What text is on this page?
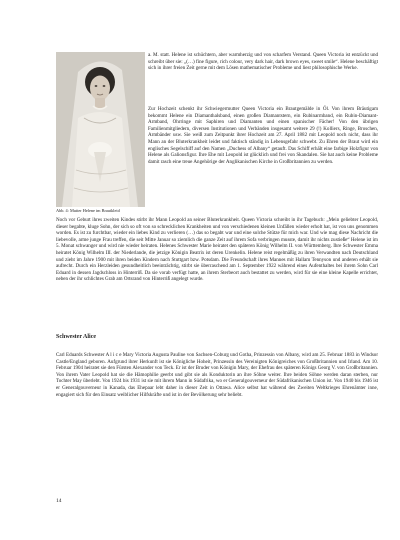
Abb. 4: Mutter Helene im Brautkleid

a. M. statt. Helene ist schüchtern, aber warmherzig und von scharfem Verstand. Queen Victoria ist entzückt und schreibt über sie: „(…) fine figure, rich colour, very dark hair, dark brown eyes, sweet smile“. Helene beschäftigt sich in ihrer freien Zeit gerne mit dem Lösen mathematischer Probleme und liest philosophische Werke.

Zur Hochzeit schenkt ihr Schwiegermutter Queen Victoria ein Brautgemälde in Öl. Von ihrem Bräutigam bekommt Helene ein Diamanthalsband, einen großen Diamantstern, ein Rubinarmband, ein Rubin-Diamant-Armband, Ohrringe mit Saphiren und Diamanten und einen spanischer Fächer! Von den übrigen Familienmitgliedern, diversen Institutionen und Verbänden insgesamt weitere 29 (!) Kolliers, Ringe, Broschen, Armbänder usw. Sie weiß zum Zeitpunkt ihrer Hochzeit am 27. April 1882 mit Leopold noch nicht, dass ihr Mann an der Bluterkrankheit leidet und faktisch ständig in Lebensgefahr schwebt. Zu Ehren der Braut wird ein englisches Segelschiff auf den Namen „Duchess of Albany“ getauft. Das Schiff erhält eine farbige Holzfigur von Helene als Galionsfigur. Ihre Ehe mit Leopold ist glücklich und frei von Skandalen. Sie hat auch keine Probleme damit rasch eine treue Angehörige der Anglikanischen Kirche in Großbritannien zu werden.

Noch vor Geburt ihres zweiten Kindes stirbt ihr Mann Leopold an seiner Bluterkrankheit. Queen Victoria schreibt in ihr Tagebuch: „Mein geliebter Leopold, dieser begabte, kluge Sohn, der sich so oft von so schrecklichen Krankheiten und von verschiedenen kleinen Unfällen wieder erholt hat, ist von uns genommen worden. Es ist zu furchtbar, wieder ein liebes Kind zu verlieren (…) das so begabt war und eine solche Stütze für mich war. Und wie mag diese Nachricht die liebevolle, arme junge Frau treffen, die seit Mitte Januar so ziemlich die ganze Zeit auf ihrem Sofa verbringen musste, damit ihr nichts zustieße“ Helene ist im 5. Monat schwanger und wird nie wieder heiraten. Helenes Schwester Marie heiratet den späteren König Wilhelm II. von Württemberg. Ihre Schwester Emma heiratet König Wilhelm III. der Niederlande, die jetzige Königin Beatrix ist deren Urenkelin. Helene reist regelmäßig zu ihren Verwandten nach Deutschland und zieht im Jahre 1900 mit ihren beiden Kindern nach Stuttgart bzw. Potsdam. Die Freundschaft ihres Mannes mit Hallam Tennyson und anderen erhält sie aufrecht. Durch ein Herzleiden gesundheitlich beeinträchtig, stirbt sie überraschend am 1. September 1922 während eines Aufenthaltes bei ihrem Sohn Carl Eduard in dessen Jagdschloss in Hinterriß. Da sie vorab verfügt hatte, an ihrem Sterbeort auch bestattet zu werden, wird für sie eine kleine Kapelle errichtet, neben der ihr schlichtes Grab am Ortsrand von Hinterriß angelegt wurde.

Schwester Alice

Carl Eduards Schwester A l i c e Mary Victoria Augusta Pauline von Sachsen-Coburg und Gotha, Prinzessin von Albany, wird am 25. Februar 1883 in Windsor Castle/England geboren. Aufgrund ihrer Herkunft ist sie Königliche Hoheit, Prinzessin des Vereinigten Königreiches von Großbritannien und Irland. Am 10. Februar 1904 heiratet sie den Fürsten Alexander von Teck. Er ist der Bruder von Königin Mary, der Ehefrau des späteren Königs Georg V. von Großbritannien. Von ihrem Vater Leopold hat sie die Hämophilie geerbt und gibt sie als Konduktorin an ihre Söhne weiter. Ihre beiden Söhne werden daran sterben, nur Tochter May überlebt. Von 1924 bis 1931 ist sie mit ihrem Mann in Südafrika, wo er Generalgouverneur der Südafrikanischen Union ist. Von 1940 bis 1946 ist er Generalgouverneur in Kanada, das Ehepaar lebt daher in dieser Zeit in Ottawa. Alice selbst hat während des Zweiten Weltkrieges Ehrenämter inne, engagiert sich für den Einsatz weiblicher Hilfskräfte und ist in der Bevölkerung sehr beliebt.

14
